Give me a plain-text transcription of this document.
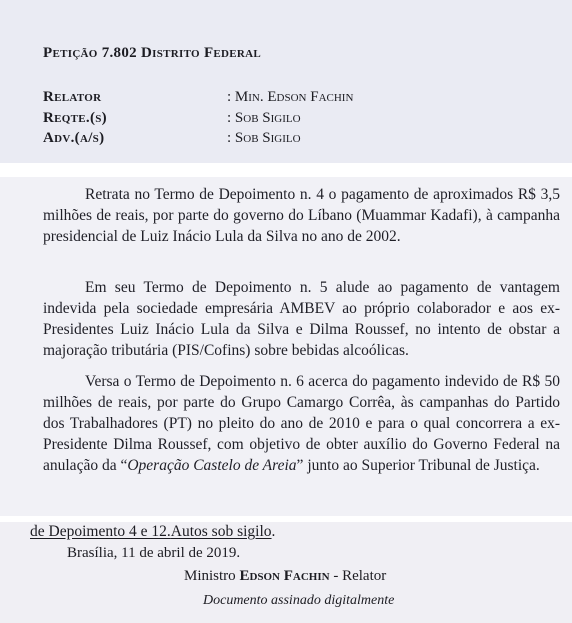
Petição 7.802 Distrito Federal
Relator	: Min. Edson Fachin
Reqte.(s)	: Sob Sigilo
Adv.(a/s)	: Sob Sigilo

Retrata no Termo de Depoimento n. 4 o pagamento de aproximados R$ 3,5 milhões de reais, por parte do governo do Líbano (Muammar Kadafi), à campanha presidencial de Luiz Inácio Lula da Silva no ano de 2002.

Em seu Termo de Depoimento n. 5 alude ao pagamento de vantagem indevida pela sociedade empresária AMBEV ao próprio colaborador e aos ex-Presidentes Luiz Inácio Lula da Silva e Dilma Roussef, no intento de obstar a majoração tributária (PIS/Cofins) sobre bebidas alcoólicas.

Versa o Termo de Depoimento n. 6 acerca do pagamento indevido de R$ 50 milhões de reais, por parte do Grupo Camargo Corrêa, às campanhas do Partido dos Trabalhadores (PT) no pleito do ano de 2010 e para o qual concorrera a ex-Presidente Dilma Roussef, com objetivo de obter auxílio do Governo Federal na anulação da “Operação Castelo de Areia” junto ao Superior Tribunal de Justiça.

de Depoimento 4 e 12.Autos sob sigilo.
Brasília, 11 de abril de 2019.
Ministro Edson Fachin - Relator
Documento assinado digitalmente
